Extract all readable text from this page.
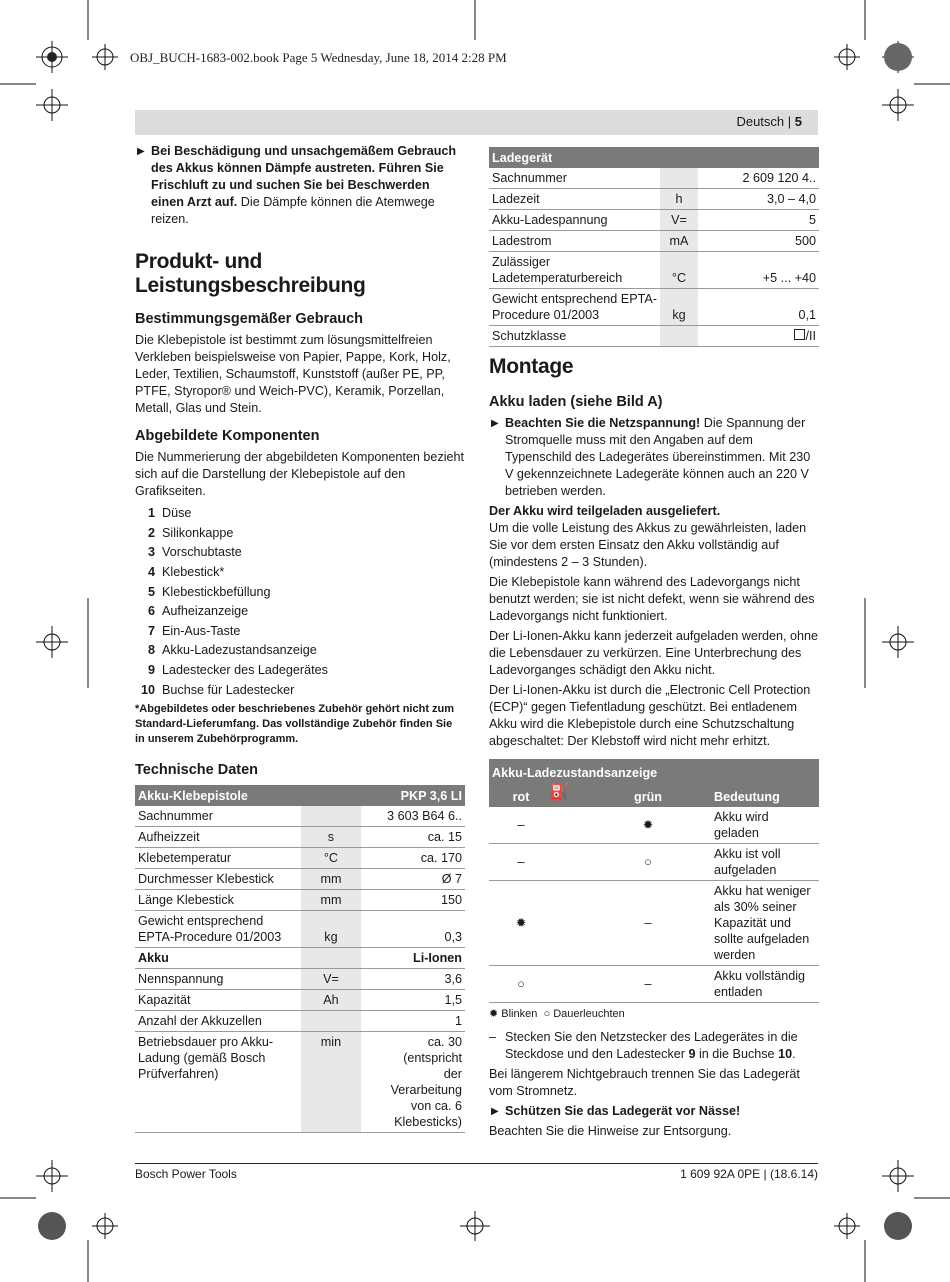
OBJ_BUCH-1683-002.book Page 5 Wednesday, June 18, 2014 2:28 PM
Deutsch | 5

▶ Bei Beschädigung und unsachgemäßem Gebrauch des Akkus können Dämpfe austreten. Führen Sie Frischluft zu und suchen Sie bei Beschwerden einen Arzt auf. Die Dämpfe können die Atemwege reizen.

Produkt- und Leistungsbeschreibung
Bestimmungsgemäßer Gebrauch

Die Klebepistole ist bestimmt zum lösungsmittelfreien Verkleben beispielsweise von Papier, Pappe, Kork, Holz, Leder, Textilien, Schaumstoff, Kunststoff (außer PE, PP, PTFE, Styropor® und Weich-PVC), Keramik, Porzellan, Metall, Glas und Stein.

Abgebildete Komponenten

Die Nummerierung der abgebildeten Komponenten bezieht sich auf die Darstellung der Klebepistole auf den Grafikseiten.

1 Düse
2 Silikonkappe
3 Vorschubtaste
4 Klebestick*
5 Klebestickbefüllung
6 Aufheizanzeige
7 Ein-Aus-Taste
8 Akku-Ladezustandsanzeige
9 Ladestecker des Ladegerätes
10 Buchse für Ladestecker

*Abgebildetes oder beschriebenes Zubehör gehört nicht zum Standard-Lieferumfang. Das vollständige Zubehör finden Sie in unserem Zubehörprogramm.

Technische Daten
Akku-Klebepistole		PKP 3,6 LI
Sachnummer		3 603 B64 6..
Aufheizzeit	s	ca. 15
Klebetemperatur	°C	ca. 170
Durchmesser Klebestick	mm	Ø 7
Länge Klebestick	mm	150
Gewicht entsprechend EPTA-Procedure 01/2003	kg	0,3
Akku		Li-Ionen
Nennspannung	V=	3,6
Kapazität	Ah	1,5
Anzahl der Akkuzellen		1
Betriebsdauer pro Akku-Ladung (gemäß Bosch Prüfverfahren)	min	ca. 30 (entspricht der Verarbeitung von ca. 6 Klebesticks)
Ladegerät		
Sachnummer		2 609 120 4..
Ladezeit	h	3,0 – 4,0
Akku-Ladespannung	V=	5
Ladestrom	mA	500
Zulässiger Ladetemperaturbereich	°C	+5 ... +40
Gewicht entsprechend EPTA-Procedure 01/2003	kg	0,1
Schutzklasse		/II
Montage
Akku laden (siehe Bild A)

▶ Beachten Sie die Netzspannung! Die Spannung der Stromquelle muss mit den Angaben auf dem Typenschild des Ladegerätes übereinstimmen. Mit 230 V gekennzeichnete Ladegeräte können auch an 220 V betrieben werden.

Der Akku wird teilgeladen ausgeliefert.
Um die volle Leistung des Akkus zu gewährleisten, laden Sie vor dem ersten Einsatz den Akku vollständig auf (mindestens 2 – 3 Stunden).

Die Klebepistole kann während des Ladevorgangs nicht benutzt werden; sie ist nicht defekt, wenn sie während des Ladevorgangs nicht funktioniert.

Der Li-Ionen-Akku kann jederzeit aufgeladen werden, ohne die Lebensdauer zu verkürzen. Eine Unterbrechung des Ladevorganges schädigt den Akku nicht.

Der Li-Ionen-Akku ist durch die „Electronic Cell Protection (ECP)“ gegen Tiefentladung geschützt. Bei entladenem Akku wird die Klebepistole durch eine Schutzschaltung abgeschaltet: Der Klebstoff wird nicht mehr erhitzt.

Akku-Ladezustandsanzeige		
rot ⛽	grün	Bedeutung
–	✹	Akku wird geladen
–	○	Akku ist voll aufgeladen
✹	–	Akku hat weniger als 30% seiner Kapazität und sollte aufgeladen werden
○	–	Akku vollständig entladen

✹ Blinken ○ Dauerleuchten

– Stecken Sie den Netzstecker des Ladegerätes in die Steckdose und den Ladestecker 9 in die Buchse 10.

Bei längerem Nichtgebrauch trennen Sie das Ladegerät vom Stromnetz.

▶ Schützen Sie das Ladegerät vor Nässe!

Beachten Sie die Hinweise zur Entsorgung.

Bosch Power Tools	1 609 92A 0PE | (18.6.14)
